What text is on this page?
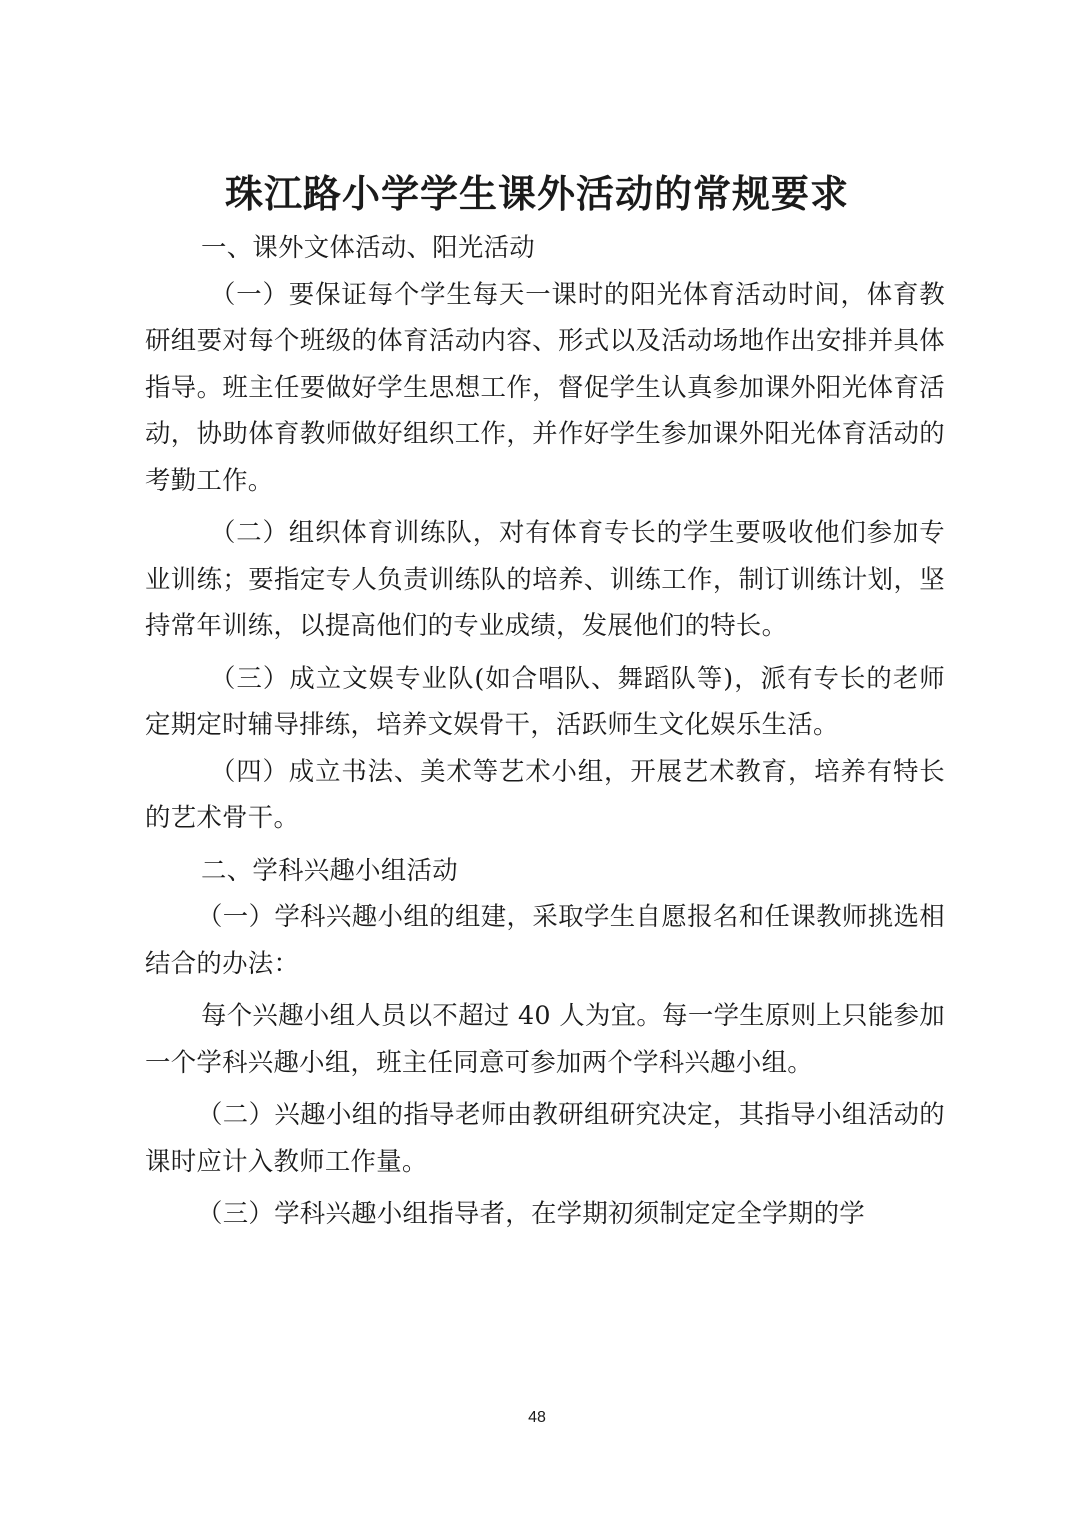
珠江路小学学生课外活动的常规要求

一、课外文体活动、阳光活动

（一）要保证每个学生每天一课时的阳光体育活动时间，体育教研组要对每个班级的体育活动内容、形式以及活动场地作出安排并具体指导。班主任要做好学生思想工作，督促学生认真参加课外阳光体育活动，协助体育教师做好组织工作，并作好学生参加课外阳光体育活动的考勤工作。

（二）组织体育训练队，对有体育专长的学生要吸收他们参加专业训练；要指定专人负责训练队的培养、训练工作，制订训练计划，坚持常年训练，以提高他们的专业成绩，发展他们的特长。

（三）成立文娱专业队(如合唱队、舞蹈队等)，派有专长的老师定期定时辅导排练，培养文娱骨干，活跃师生文化娱乐生活。

（四）成立书法、美术等艺术小组，开展艺术教育，培养有特长的艺术骨干。

二、学科兴趣小组活动

（一）学科兴趣小组的组建，采取学生自愿报名和任课教师挑选相结合的办法：

每个兴趣小组人员以不超过 40 人为宜。每一学生原则上只能参加一个学科兴趣小组，班主任同意可参加两个学科兴趣小组。

（二）兴趣小组的指导老师由教研组研究决定，其指导小组活动的课时应计入教师工作量。

（三）学科兴趣小组指导者，在学期初须制定定全学期的学

48
